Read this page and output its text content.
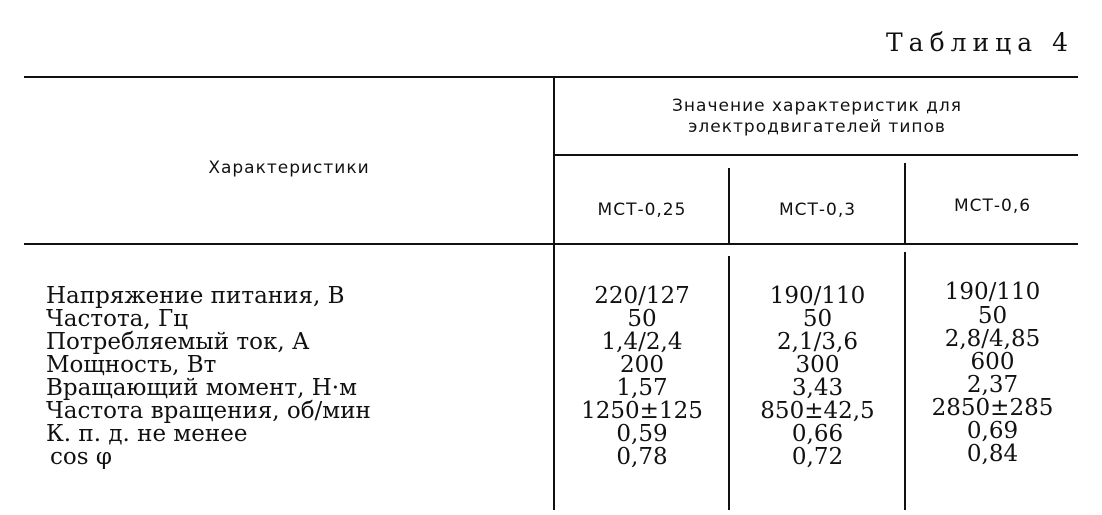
Таблица 4
Характеристики
Значение характеристик для
электродвигателей типов
МСТ-0,25	МСТ-0,3	МСТ-0,6
Напряжение питания, В	220/127	190/110	190/110
Частота, Гц	50	50	50
Потребляемый ток, А	1,4/2,4	2,1/3,6	2,8/4,85
Мощность, Вт	200	300	600
Вращающий момент, Н·м	1,57	3,43	2,37
Частота вращения, об/мин	1250±125	850±42,5	2850±285
К. п. д. не менее	0,59	0,66	0,69
cos φ	0,78	0,72	0,84
